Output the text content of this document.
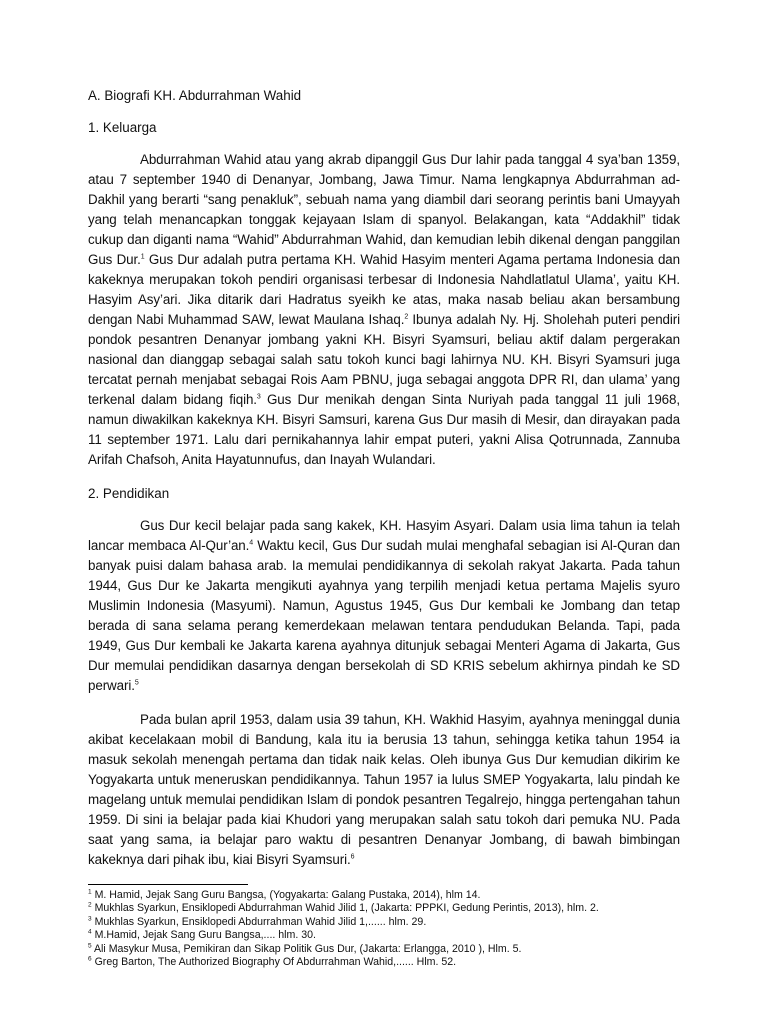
A. Biografi KH. Abdurrahman Wahid

1. Keluarga

Abdurrahman Wahid atau yang akrab dipanggil Gus Dur lahir pada tanggal 4 sya’ban 1359, atau 7 september 1940 di Denanyar, Jombang, Jawa Timur. Nama lengkapnya Abdurrahman ad-Dakhil yang berarti “sang penakluk”, sebuah nama yang diambil dari seorang perintis bani Umayyah yang telah menancapkan tonggak kejayaan Islam di spanyol. Belakangan, kata “Addakhil” tidak cukup dan diganti nama “Wahid” Abdurrahman Wahid, dan kemudian lebih dikenal dengan panggilan Gus Dur.$^1$ Gus Dur adalah putra pertama KH. Wahid Hasyim menteri Agama pertama Indonesia dan kakeknya merupakan tokoh pendiri organisasi terbesar di Indonesia Nahdlatlatul Ulama’, yaitu KH. Hasyim Asy’ari. Jika ditarik dari Hadratus syeikh ke atas, maka nasab beliau akan bersambung dengan Nabi Muhammad SAW, lewat Maulana Ishaq.$^2$ Ibunya adalah Ny. Hj. Sholehah puteri pendiri pondok pesantren Denanyar jombang yakni KH. Bisyri Syamsuri, beliau aktif dalam pergerakan nasional dan dianggap sebagai salah satu tokoh kunci bagi lahirnya NU. KH. Bisyri Syamsuri juga tercatat pernah menjabat sebagai Rois Aam PBNU, juga sebagai anggota DPR RI, dan ulama’ yang terkenal dalam bidang fiqih.$^3$ Gus Dur menikah dengan Sinta Nuriyah pada tanggal 11 juli 1968, namun diwakilkan kakeknya KH. Bisyri Samsuri, karena Gus Dur masih di Mesir, dan dirayakan pada 11 september 1971. Lalu dari pernikahannya lahir empat puteri, yakni Alisa Qotrunnada, Zannuba Arifah Chafsoh, Anita Hayatunnufus, dan Inayah Wulandari.

2. Pendidikan

Gus Dur kecil belajar pada sang kakek, KH. Hasyim Asyari. Dalam usia lima tahun ia telah lancar membaca Al-Qur’an.$^4$ Waktu kecil, Gus Dur sudah mulai menghafal sebagian isi Al-Quran dan banyak puisi dalam bahasa arab. Ia memulai pendidikannya di sekolah rakyat Jakarta. Pada tahun 1944, Gus Dur ke Jakarta mengikuti ayahnya yang terpilih menjadi ketua pertama Majelis syuro Muslimin Indonesia (Masyumi). Namun, Agustus 1945, Gus Dur kembali ke Jombang dan tetap berada di sana selama perang kemerdekaan melawan tentara pendudukan Belanda. Tapi, pada 1949, Gus Dur kembali ke Jakarta karena ayahnya ditunjuk sebagai Menteri Agama di Jakarta, Gus Dur memulai pendidikan dasarnya dengan bersekolah di SD KRIS sebelum akhirnya pindah ke SD perwari.$^5$

Pada bulan april 1953, dalam usia 39 tahun, KH. Wakhid Hasyim, ayahnya meninggal dunia akibat kecelakaan mobil di Bandung, kala itu ia berusia 13 tahun, sehingga ketika tahun 1954 ia masuk sekolah menengah pertama dan tidak naik kelas. Oleh ibunya Gus Dur kemudian dikirim ke Yogyakarta untuk meneruskan pendidikannya. Tahun 1957 ia lulus SMEP Yogyakarta, lalu pindah ke magelang untuk memulai pendidikan Islam di pondok pesantren Tegalrejo, hingga pertengahan tahun 1959. Di sini ia belajar pada kiai Khudori yang merupakan salah satu tokoh dari pemuka NU. Pada saat yang sama, ia belajar paro waktu di pesantren Denanyar Jombang, di bawah bimbingan kakeknya dari pihak ibu, kiai Bisyri Syamsuri.$^6$

$^1$ M. Hamid, Jejak Sang Guru Bangsa, (Yogyakarta: Galang Pustaka, 2014), hlm 14.

$^2$ Mukhlas Syarkun, Ensiklopedi Abdurrahman Wahid Jilid 1, (Jakarta: PPPKI, Gedung Perintis, 2013), hlm. 2.

$^3$ Mukhlas Syarkun, Ensiklopedi Abdurrahman Wahid Jilid 1,...... hlm. 29.

$^4$ M.Hamid, Jejak Sang Guru Bangsa,.... hlm. 30.

$^5$ Ali Masykur Musa, Pemikiran dan Sikap Politik Gus Dur, (Jakarta: Erlangga, 2010 ), Hlm. 5.

$^6$ Greg Barton, The Authorized Biography Of Abdurrahman Wahid,...... Hlm. 52.
